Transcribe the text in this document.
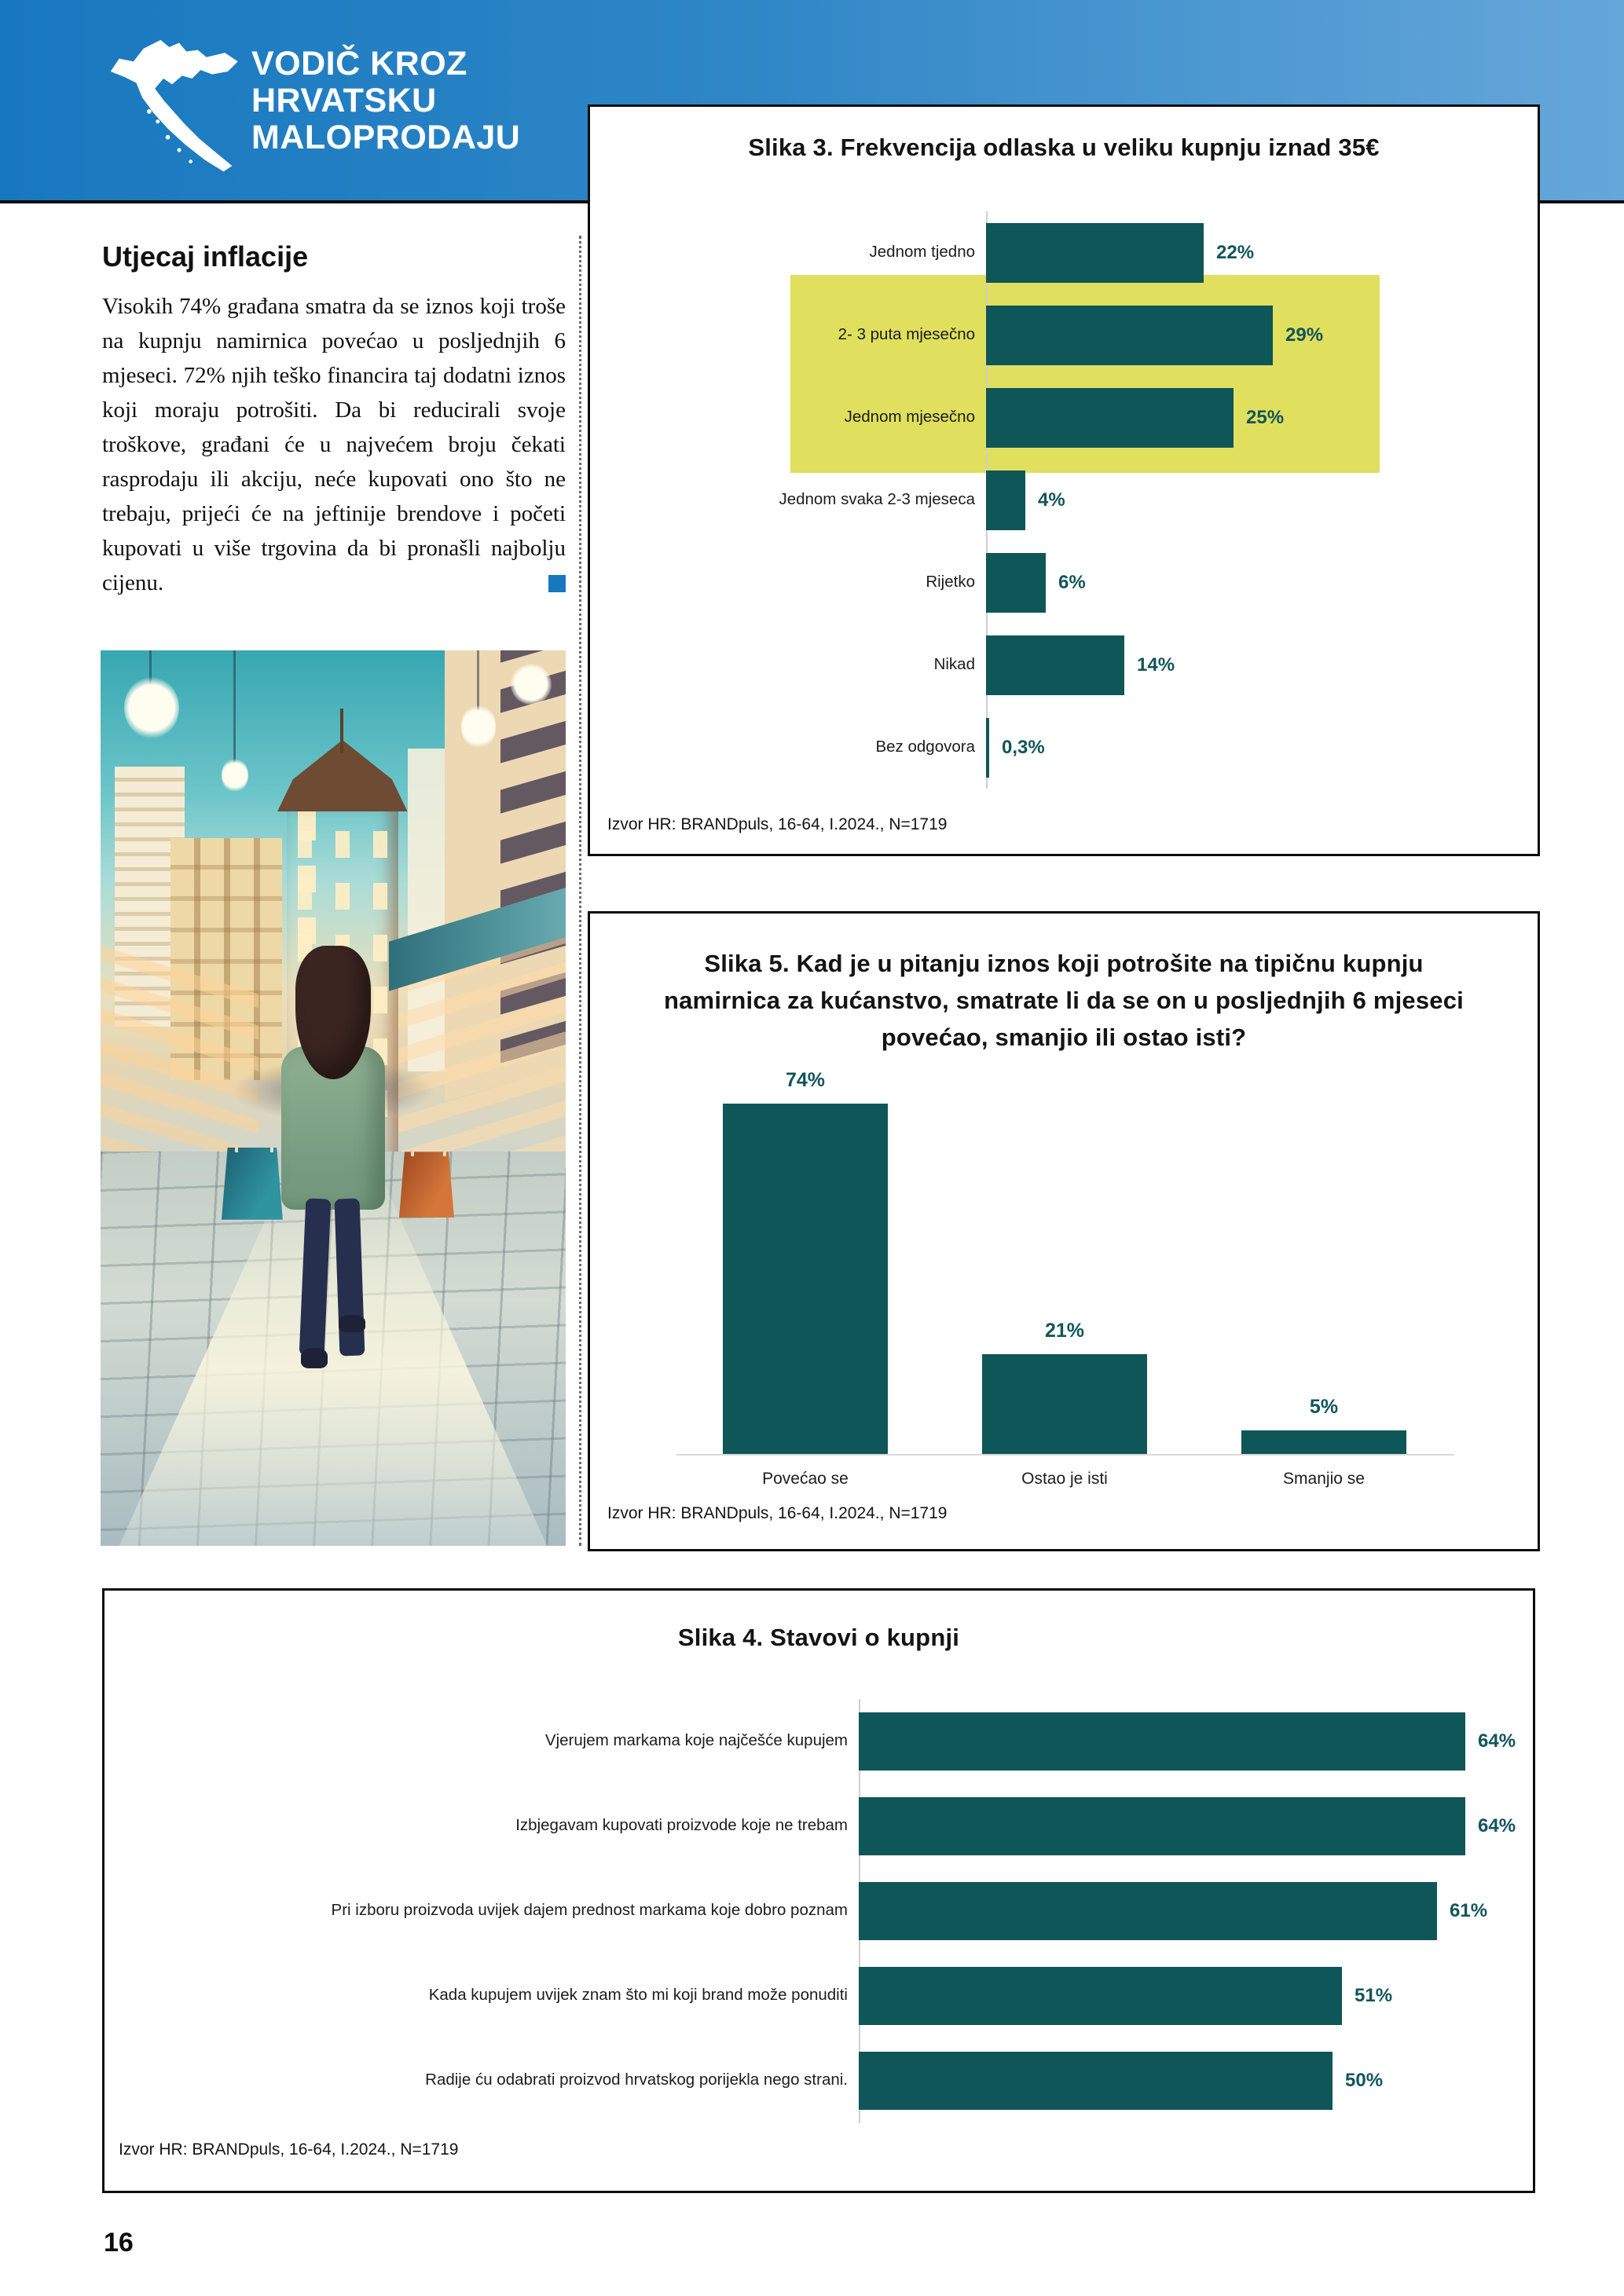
VODIČ KROZ
HRVATSKU
MALOPRODAJU
Utjecaj inflacije

Visokih 74% građana smatra da se iznos koji troše na kupnju namirnica povećao u posljednjih 6 mjeseci. 72% njih teško financira taj dodatni iznos koji moraju potrošiti. Da bi reducirali svoje troškove, građani će u najvećem broju čekati rasprodaju ili akciju, neće kupovati ono što ne trebaju, prijeći će na jeftinije brendove i početi kupovati u više trgovina da bi pronašli najbolju cijenu.

Slika 3. Frekvencija odlaska u veliku kupnju iznad 35€
Jednom tjedno	22%
2- 3 puta mjesečno	29%
Jednom mjesečno	25%
Jednom svaka 2-3 mjeseca	4%
Rijetko	6%
Nikad	14%
Bez odgovora 0,3%
Izvor HR: BRANDpuls, 16-64, I.2024., N=1719
Slika 5. Kad je u pitanju iznos koji potrošite na tipičnu kupnju namirnica za kućanstvo, smatrate li da se on u posljednjih 6 mjeseci povećao, smanjio ili ostao isti?
74%
Povećao se
21%
Ostao je isti
5%
Smanjio se
Izvor HR: BRANDpuls, 16-64, I.2024., N=1719
Slika 4. Stavovi o kupnji
Vjerujem markama koje najčešće kupujem	64%
Izbjegavam kupovati proizvode koje ne trebam	64%
Pri izboru proizvoda uvijek dajem prednost markama koje dobro poznam	61%
Kada kupujem uvijek znam što mi koji brand može ponuditi	51%
Radije ću odabrati proizvod hrvatskog porijekla nego strani.	50%
Izvor HR: BRANDpuls, 16-64, I.2024., N=1719
16
